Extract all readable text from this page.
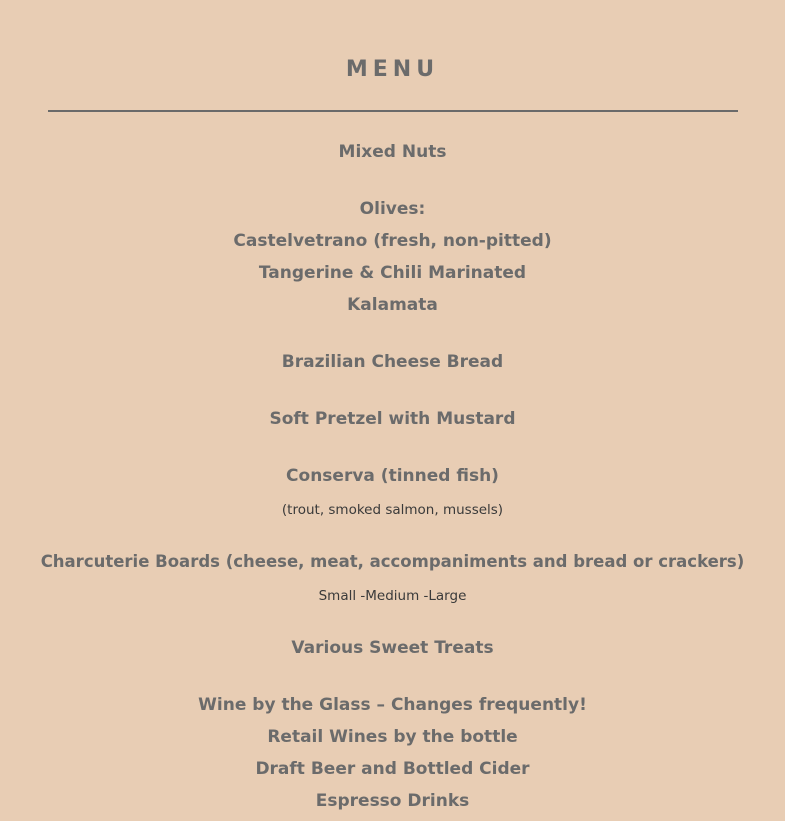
MENU
Mixed Nuts
Olives:
Castelvetrano (fresh, non-pitted)
Tangerine & Chili Marinated
Kalamata
Brazilian Cheese Bread
Soft Pretzel with Mustard
Conserva (tinned fish)
(trout, smoked salmon, mussels)
Charcuterie Boards (cheese, meat, accompaniments and bread or crackers)
Small -Medium -Large
Various Sweet Treats
Wine by the Glass – Changes frequently!
Retail Wines by the bottle
Draft Beer and Bottled Cider
Espresso Drinks
